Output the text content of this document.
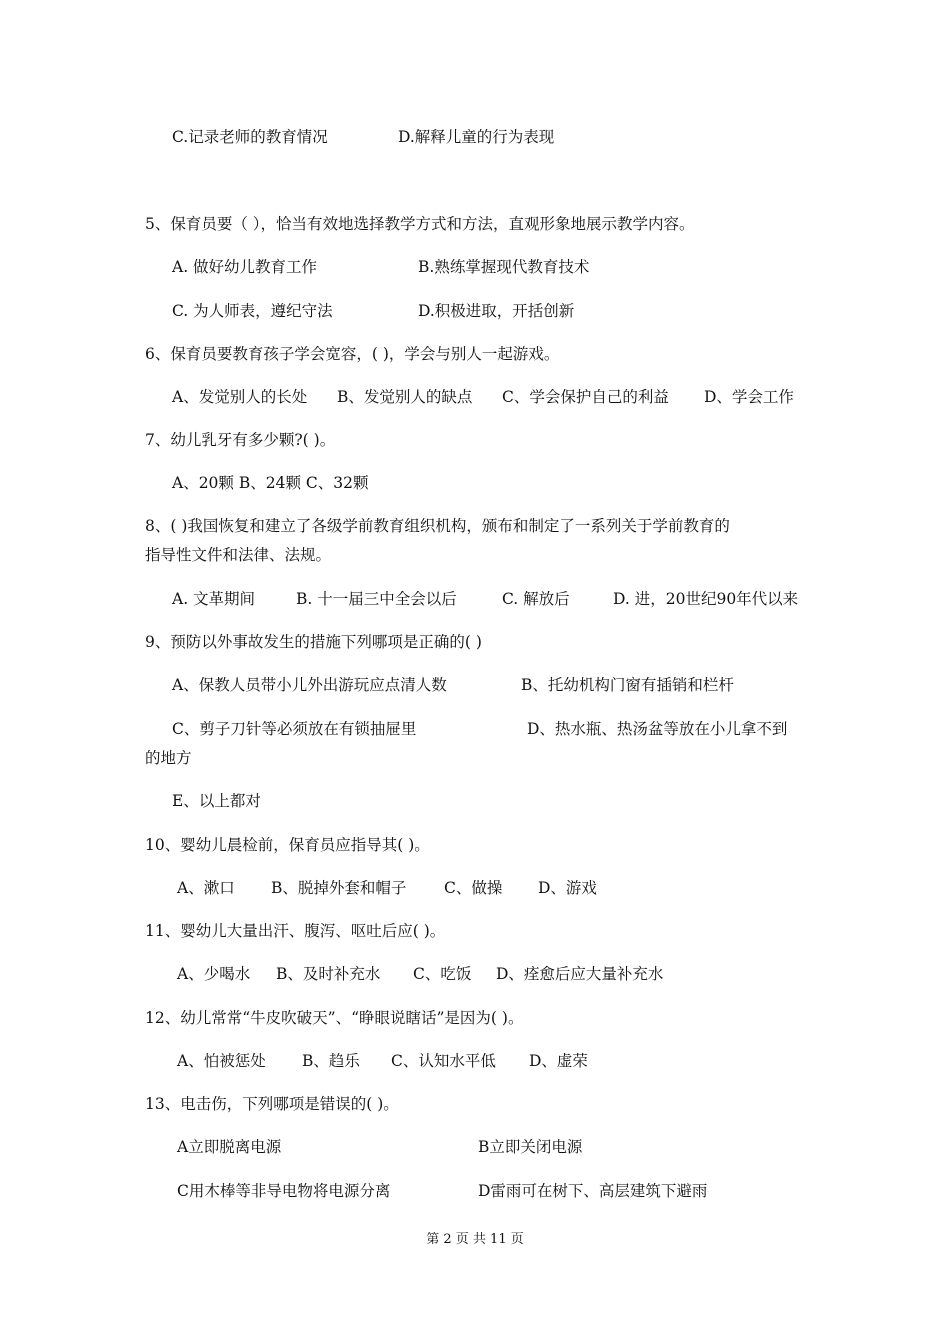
C.记录老师的教育情况	D.解释儿童的行为表现
5、保育员要（ ），恰当有效地选择教学方式和方法，直观形象地展示教学内容。
A. 做好幼儿教育工作	B.熟练掌握现代教育技术
C. 为人师表，遵纪守法	D.积极进取，开括创新
6、保育员要教育孩子学会宽容，( )，学会与别人一起游戏。
A、发觉别人的长处 B、发觉别人的缺点 C、学会保护自己的利益 D、学会工作
7、幼儿乳牙有多少颗?( )。
A、20颗 B、24颗 C、32颗
8、( )我国恢复和建立了各级学前教育组织机构，颁布和制定了一系列关于学前教育的
指导性文件和法律、法规。
A. 文革期间	B. 十一届三中全会以后	C. 解放后	D. 进，20世纪90年代以来
9、预防以外事故发生的措施下列哪项是正确的( )
A、保教人员带小儿外出游玩应点清人数	B、托幼机构门窗有插销和栏杆
C、剪子刀针等必须放在有锁抽屉里	D、热水瓶、热汤盆等放在小儿拿不到
的地方
E、以上都对
10、婴幼儿晨检前，保育员应指导其( )。
A、漱口 B、脱掉外套和帽子 C、做操 D、游戏
11、婴幼儿大量出汗、腹泻、呕吐后应( )。
A、少喝水 B、及时补充水 C、吃饭 D、痊愈后应大量补充水
12、幼儿常常“牛皮吹破天”、“睁眼说瞎话”是因为( )。
A、怕被惩处 B、趋乐 C、认知水平低 D、虚荣
13、电击伤，下列哪项是错误的( )。
A立即脱离电源	B立即关闭电源
C用木棒等非导电物将电源分离	D雷雨可在树下、高层建筑下避雨
第 2 页 共 11 页
